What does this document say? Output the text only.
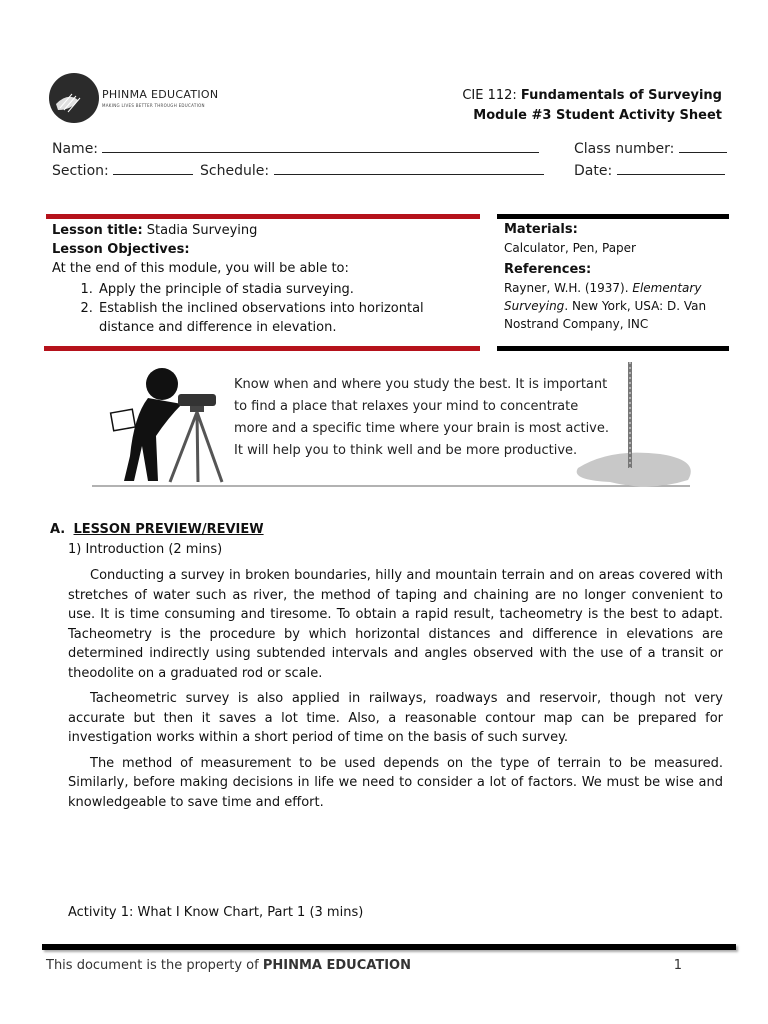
PHINMA EDUCATION
MAKING LIVES BETTER THROUGH EDUCATION
CIE 112: Fundamentals of Surveying
Module #3 Student Activity Sheet
Name:	Class number:
Section:	Schedule:	Date:
Lesson title: Stadia Surveying
Lesson Objectives:
At the end of this module, you will be able to:
1. Apply the principle of stadia surveying.
2. Establish the inclined observations into horizontal distance and difference in elevation.
Materials:
Calculator, Pen, Paper
References:
Rayner, W.H. (1937). Elementary Surveying. New York, USA: D. Van Nostrand Company, INC
Know when and where you study the best. It is important to find a place that relaxes your mind to concentrate more and a specific time where your brain is most active. It will help you to think well and be more productive.
A. LESSON PREVIEW/REVIEW
1) Introduction (2 mins)

Conducting a survey in broken boundaries, hilly and mountain terrain and on areas covered with stretches of water such as river, the method of taping and chaining are no longer convenient to use. It is time consuming and tiresome. To obtain a rapid result, tacheometry is the best to adapt. Tacheometry is the procedure by which horizontal distances and difference in elevations are determined indirectly using subtended intervals and angles observed with the use of a transit or theodolite on a graduated rod or scale.

Tacheometric survey is also applied in railways, roadways and reservoir, though not very accurate but then it saves a lot time. Also, a reasonable contour map can be prepared for investigation works within a short period of time on the basis of such survey.

The method of measurement to be used depends on the type of terrain to be measured. Similarly, before making decisions in life we need to consider a lot of factors. We must be wise and knowledgeable to save time and effort.

Activity 1: What I Know Chart, Part 1 (3 mins)
This document is the property of PHINMA EDUCATION	1
